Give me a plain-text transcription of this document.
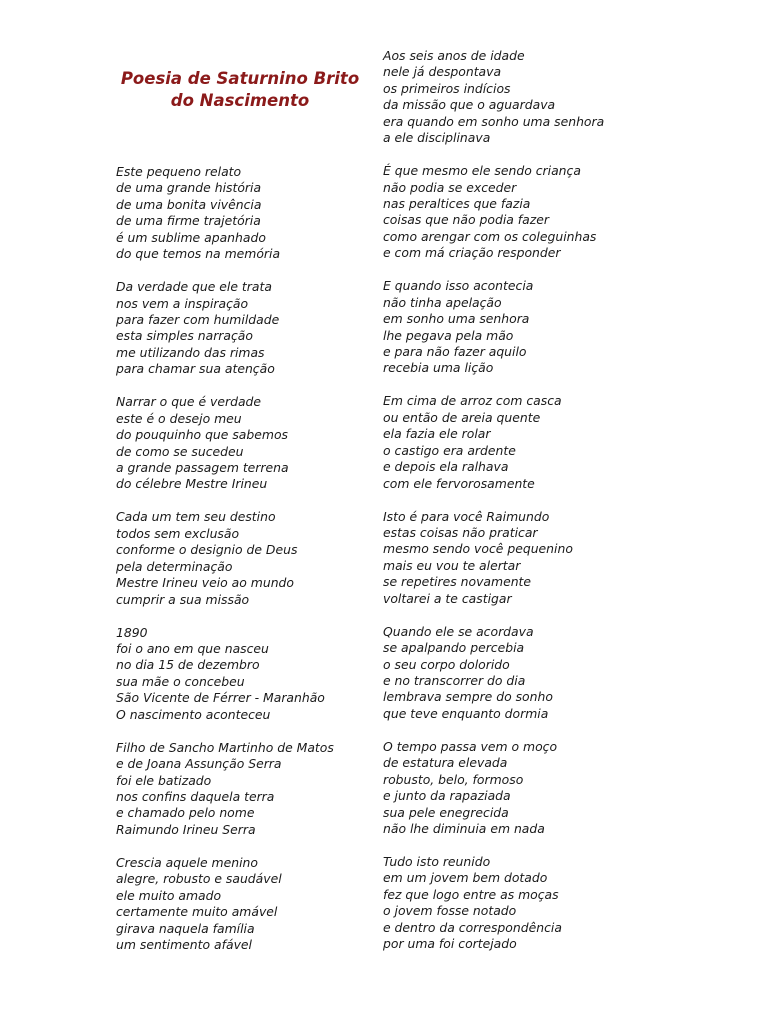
Poesia de Saturnino Brito
do Nascimento
Este pequeno relato
de uma grande história
de uma bonita vivência
de uma firme trajetória
é um sublime apanhado
do que temos na memória
Da verdade que ele trata
nos vem a inspiração
para fazer com humildade
esta simples narração
me utilizando das rimas
para chamar sua atenção
Narrar o que é verdade
este é o desejo meu
do pouquinho que sabemos
de como se sucedeu
a grande passagem terrena
do célebre Mestre Irineu
Cada um tem seu destino
todos sem exclusão
conforme o designio de Deus
pela determinação
Mestre Irineu veio ao mundo
cumprir a sua missão
1890
foi o ano em que nasceu
no dia 15 de dezembro
sua mãe o concebeu
São Vicente de Férrer - Maranhão
O nascimento aconteceu
Filho de Sancho Martinho de Matos
e de Joana Assunção Serra
foi ele batizado
nos confins daquela terra
e chamado pelo nome
Raimundo Irineu Serra
Crescia aquele menino
alegre, robusto e saudável
ele muito amado
certamente muito amável
girava naquela família
um sentimento afável
Aos seis anos de idade
nele já despontava
os primeiros indícios
da missão que o aguardava
era quando em sonho uma senhora
a ele disciplinava
É que mesmo ele sendo criança
não podia se exceder
nas peraltices que fazia
coisas que não podia fazer
como arengar com os coleguinhas
e com má criação responder
E quando isso acontecia
não tinha apelação
em sonho uma senhora
lhe pegava pela mão
e para não fazer aquilo
recebia uma lição
Em cima de arroz com casca
ou então de areia quente
ela fazia ele rolar
o castigo era ardente
e depois ela ralhava
com ele fervorosamente
Isto é para você Raimundo
estas coisas não praticar
mesmo sendo você pequenino
mais eu vou te alertar
se repetires novamente
voltarei a te castigar
Quando ele se acordava
se apalpando percebia
o seu corpo dolorido
e no transcorrer do dia
lembrava sempre do sonho
que teve enquanto dormia
O tempo passa vem o moço
de estatura elevada
robusto, belo, formoso
e junto da rapaziada
sua pele enegrecida
não lhe diminuia em nada
Tudo isto reunido
em um jovem bem dotado
fez que logo entre as moças
o jovem fosse notado
e dentro da correspondência
por uma foi cortejado
